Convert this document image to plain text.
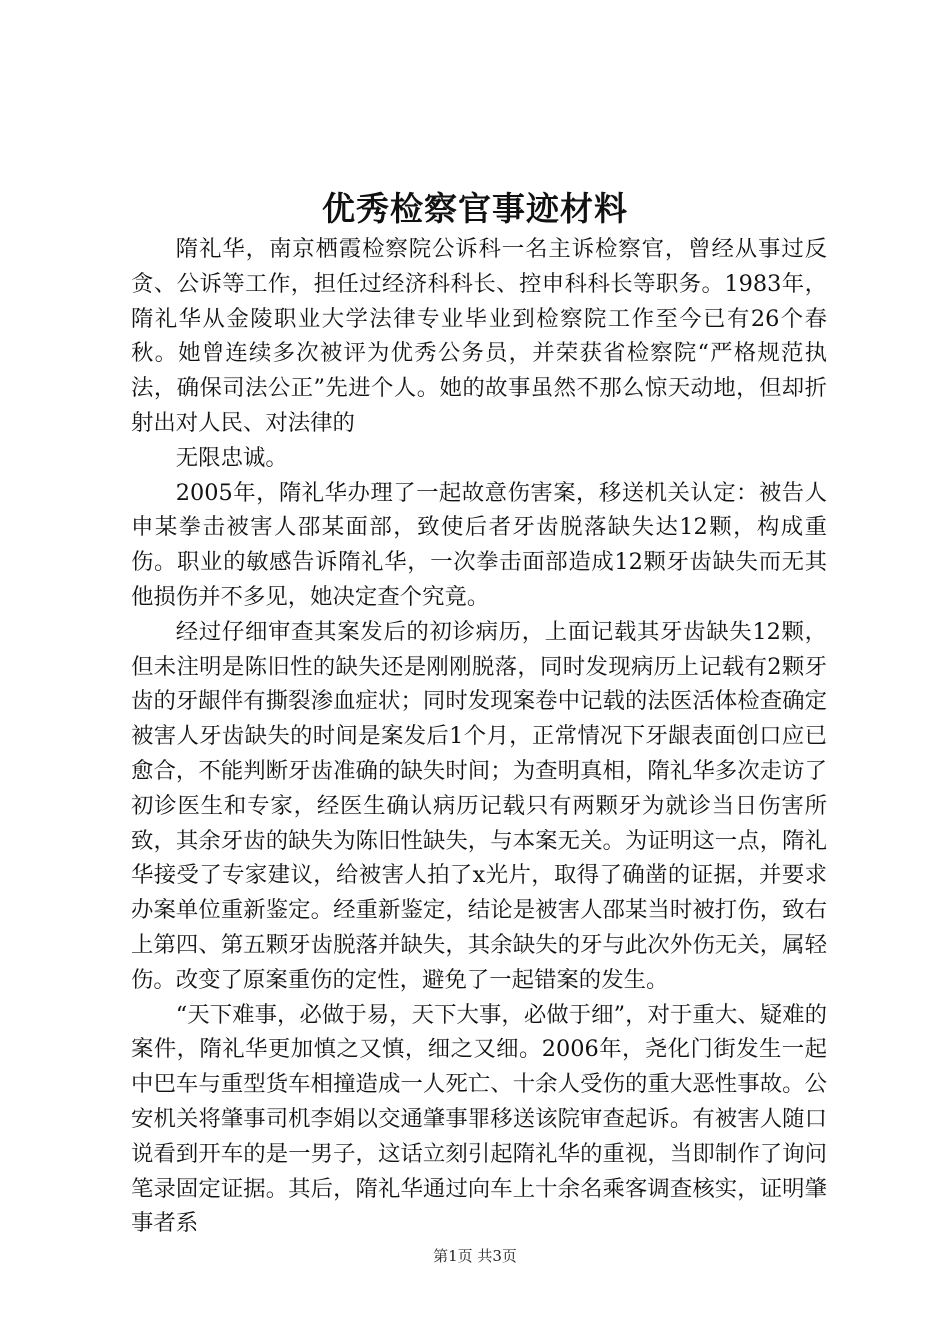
优秀检察官事迹材料

隋礼华，南京栖霞检察院公诉科一名主诉检察官，曾经从事过反贪、公诉等工作，担任过经济科科长、控申科科长等职务。1983年，隋礼华从金陵职业大学法律专业毕业到检察院工作至今已有26个春秋。她曾连续多次被评为优秀公务员，并荣获省检察院“严格规范执法，确保司法公正”先进个人。她的故事虽然不那么惊天动地，但却折射出对人民、对法律的

无限忠诚。

2005年，隋礼华办理了一起故意伤害案，移送机关认定：被告人申某拳击被害人邵某面部，致使后者牙齿脱落缺失达12颗，构成重伤。职业的敏感告诉隋礼华，一次拳击面部造成12颗牙齿缺失而无其他损伤并不多见，她决定查个究竟。

经过仔细审查其案发后的初诊病历，上面记载其牙齿缺失12颗，但未注明是陈旧性的缺失还是刚刚脱落，同时发现病历上记载有2颗牙齿的牙龈伴有撕裂渗血症状；同时发现案卷中记载的法医活体检查确定被害人牙齿缺失的时间是案发后1个月，正常情况下牙龈表面创口应已愈合，不能判断牙齿准确的缺失时间；为查明真相，隋礼华多次走访了初诊医生和专家，经医生确认病历记载只有两颗牙为就诊当日伤害所致，其余牙齿的缺失为陈旧性缺失，与本案无关。为证明这一点，隋礼华接受了专家建议，给被害人拍了x光片，取得了确凿的证据，并要求办案单位重新鉴定。经重新鉴定，结论是被害人邵某当时被打伤，致右上第四、第五颗牙齿脱落并缺失，其余缺失的牙与此次外伤无关，属轻伤。改变了原案重伤的定性，避免了一起错案的发生。

“天下难事，必做于易，天下大事，必做于细”，对于重大、疑难的案件，隋礼华更加慎之又慎，细之又细。2006年，尧化门街发生一起中巴车与重型货车相撞造成一人死亡、十余人受伤的重大恶性事故。公安机关将肇事司机李娟以交通肇事罪移送该院审查起诉。有被害人随口说看到开车的是一男子，这话立刻引起隋礼华的重视，当即制作了询问笔录固定证据。其后，隋礼华通过向车上十余名乘客调查核实，证明肇事者系

第1页 共3页
